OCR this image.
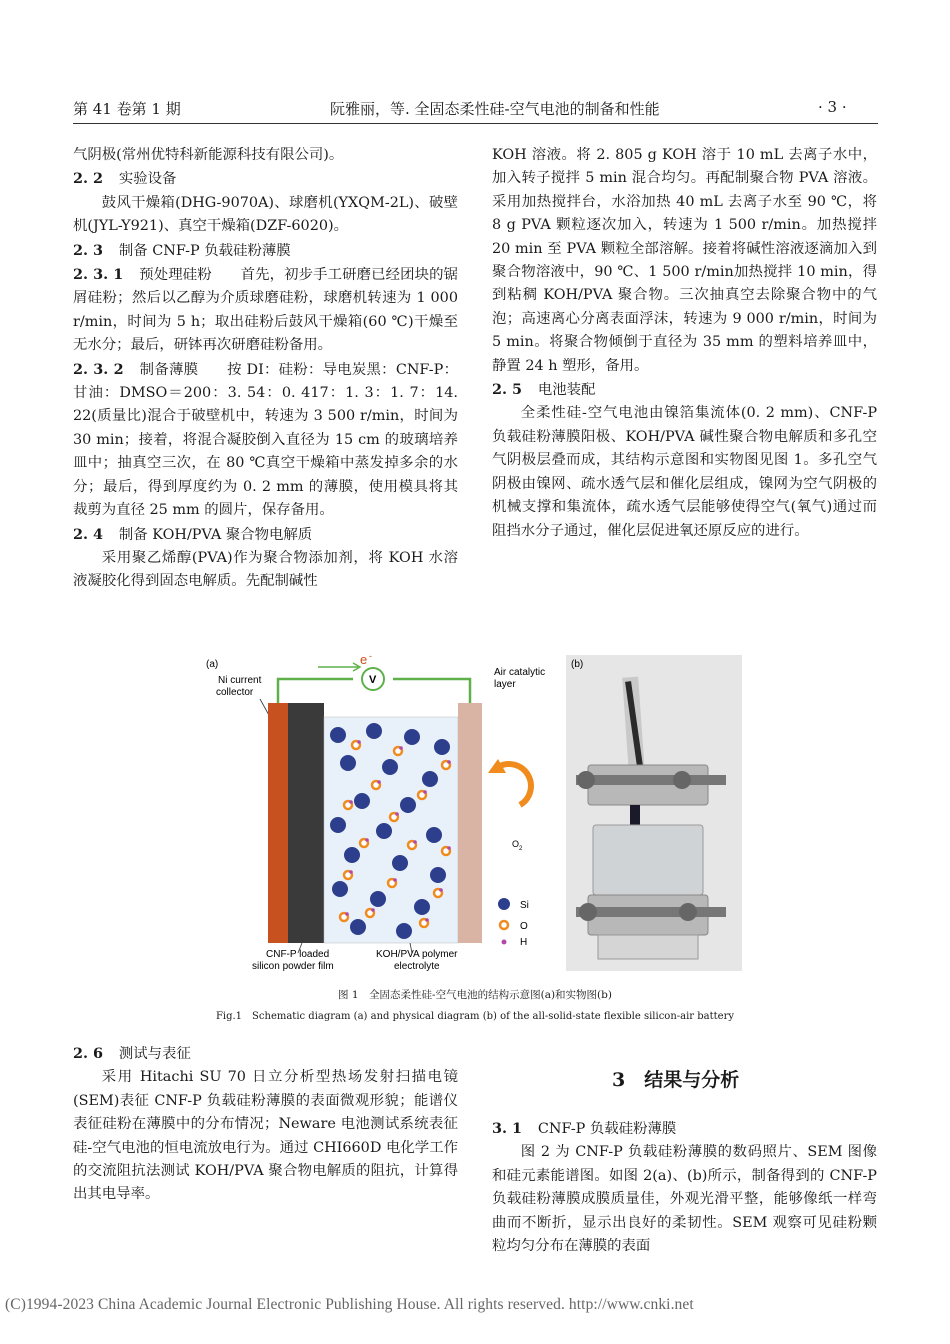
第 41 卷第 1 期	阮雅丽，等. 全固态柔性硅-空气电池的制备和性能	· 3 ·

气阴极(常州优特科新能源科技有限公司)。

2. 2 实验设备

鼓风干燥箱(DHG-9070A)、球磨机(YXQM-2L)、破壁机(JYL-Y921)、真空干燥箱(DZF-6020)。

2. 3 制备 CNF-P 负载硅粉薄膜

2. 3. 1 预处理硅粉 首先，初步手工研磨已经团块的锯屑硅粉；然后以乙醇为介质球磨硅粉，球磨机转速为 1 000 r/min，时间为 5 h；取出硅粉后鼓风干燥箱(60 ℃)干燥至无水分；最后，研钵再次研磨硅粉备用。

2. 3. 2 制备薄膜 按 DI：硅粉：导电炭黑：CNF-P：甘油：DMSO＝200：3. 54：0. 417：1. 3：1. 7：14. 22(质量比)混合于破壁机中，转速为 3 500 r/min，时间为 30 min；接着，将混合凝胶倒入直径为 15 cm 的玻璃培养皿中；抽真空三次，在 80 ℃真空干燥箱中蒸发掉多余的水分；最后，得到厚度约为 0. 2 mm 的薄膜，使用模具将其裁剪为直径 25 mm 的圆片，保存备用。

2. 4 制备 KOH/PVA 聚合物电解质

采用聚乙烯醇(PVA)作为聚合物添加剂，将 KOH 水溶液凝胶化得到固态电解质。先配制碱性

KOH 溶液。将 2. 805 g KOH 溶于 10 mL 去离子水中，加入转子搅拌 5 min 混合均匀。再配制聚合物 PVA 溶液。采用加热搅拌台，水浴加热 40 mL 去离子水至 90 ℃，将 8 g PVA 颗粒逐次加入，转速为 1 500 r/min。加热搅拌 20 min 至 PVA 颗粒全部溶解。接着将碱性溶液逐滴加入到聚合物溶液中，90 ℃、1 500 r/min加热搅拌 10 min，得到粘稠 KOH/PVA 聚合物。三次抽真空去除聚合物中的气泡；高速离心分离表面浮沫，转速为 9 000 r/min，时间为 5 min。将聚合物倾倒于直径为 35 mm 的塑料培养皿中，静置 24 h 塑形，备用。

2. 5 电池装配

全柔性硅-空气电池由镍箔集流体(0. 2 mm)、CNF-P 负载硅粉薄膜阳极、KOH/PVA 碱性聚合物电解质和多孔空气阴极层叠而成，其结构示意图和实物图见图 1。多孔空气阴极由镍网、疏水透气层和催化层组成，镍网为空气阴极的机械支撑和集流体，疏水透气层能够使得空气(氧气)通过而阻挡水分子通过，催化层促进氧还原反应的进行。

(a)
Ni current
collector
Air catalytic
layer
V
e -
O 2
Si
O
H
CNF-P loaded
silicon powder film
KOH/PVA polymer
electrolyte
(b)
图 1　全固态柔性硅-空气电池的结构示意图(a)和实物图(b)
Fig.1　Schematic diagram (a) and physical diagram (b) of the all-solid-state flexible silicon-air battery

2. 6 测试与表征

采用 Hitachi SU 70 日立分析型热场发射扫描电镜(SEM)表征 CNF-P 负载硅粉薄膜的表面微观形貌；能谱仪表征硅粉在薄膜中的分布情况；Neware 电池测试系统表征硅-空气电池的恒电流放电行为。通过 CHI660D 电化学工作的交流阻抗法测试 KOH/PVA 聚合物电解质的阻抗，计算得出其电导率。

3　结果与分析

3. 1 CNF-P 负载硅粉薄膜

图 2 为 CNF-P 负载硅粉薄膜的数码照片、SEM 图像和硅元素能谱图。如图 2(a)、(b)所示，制备得到的 CNF-P 负载硅粉薄膜成膜质量佳，外观光滑平整，能够像纸一样弯曲而不断折，显示出良好的柔韧性。SEM 观察可见硅粉颗粒均匀分布在薄膜的表面

(C)1994-2023 China Academic Journal Electronic Publishing House. All rights reserved. http://www.cnki.net
